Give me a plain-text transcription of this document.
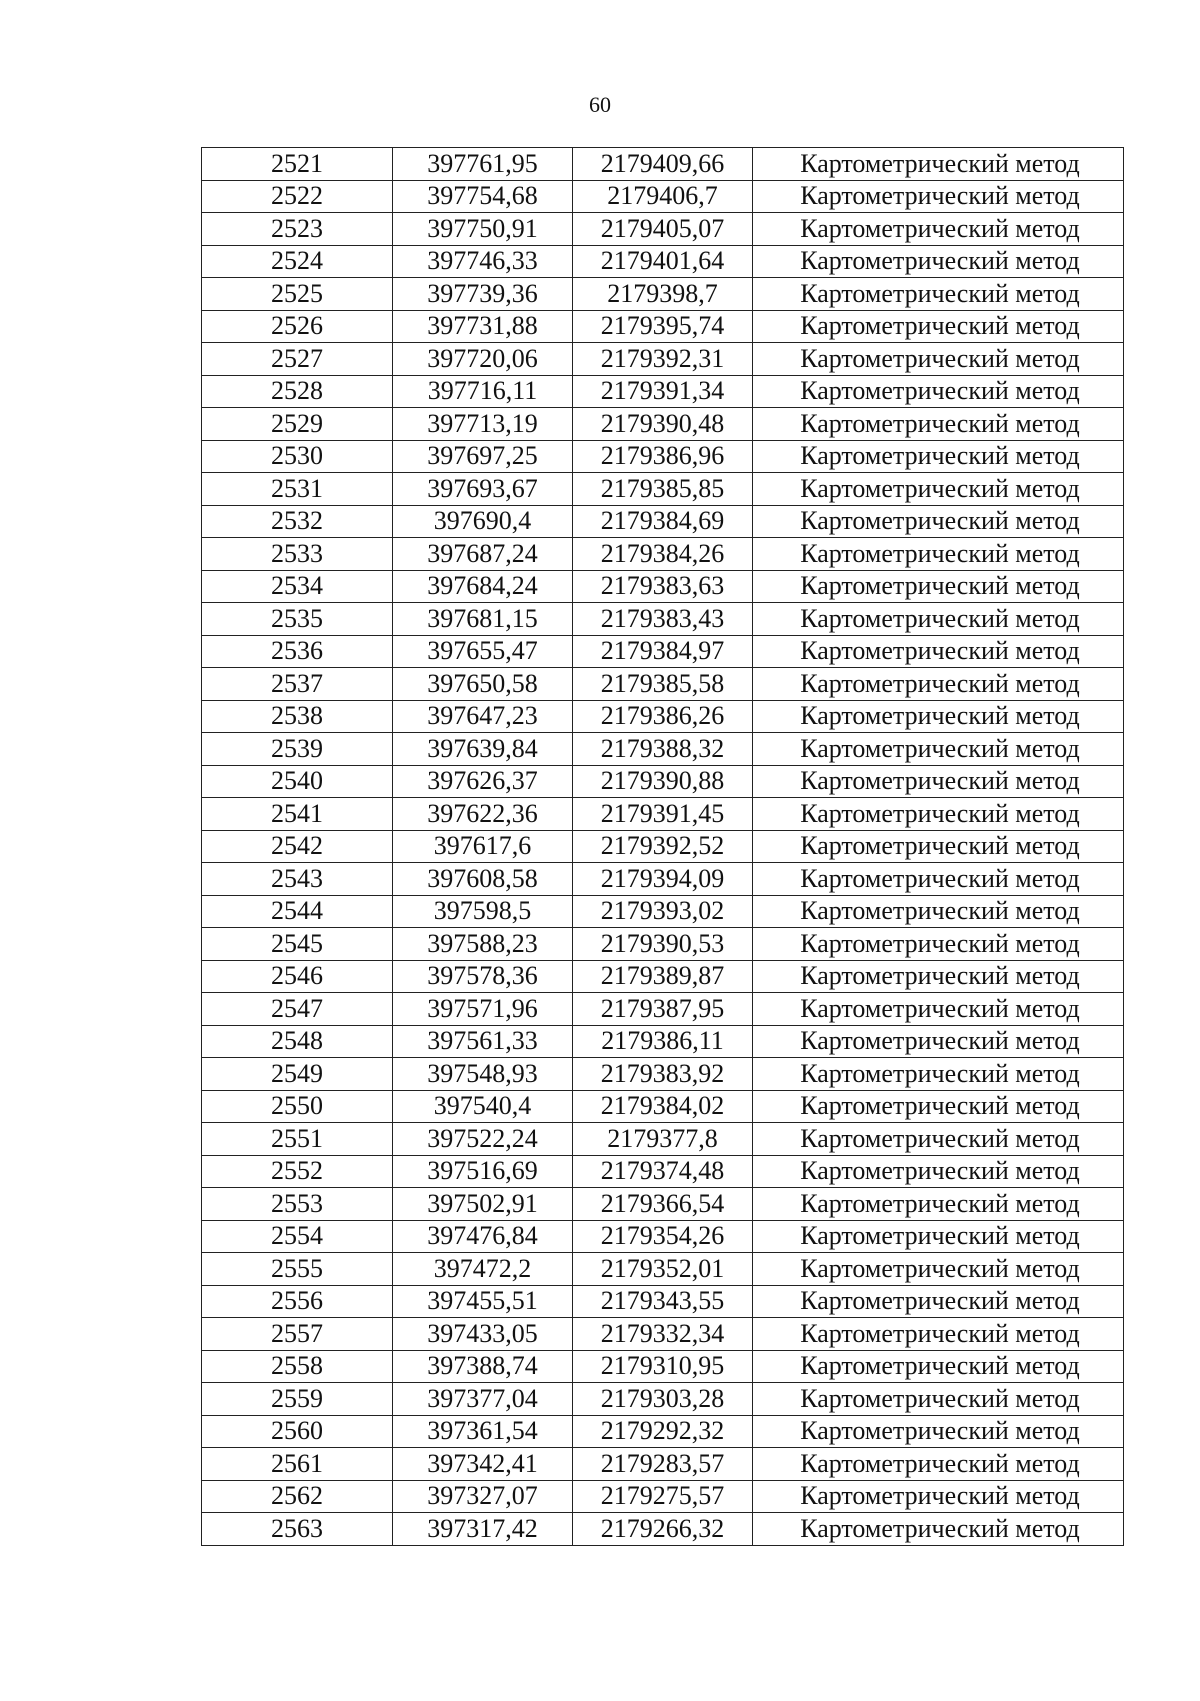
60
2521	397761,95	2179409,66	Картометрический метод
2522	397754,68	2179406,7	Картометрический метод
2523	397750,91	2179405,07	Картометрический метод
2524	397746,33	2179401,64	Картометрический метод
2525	397739,36	2179398,7	Картометрический метод
2526	397731,88	2179395,74	Картометрический метод
2527	397720,06	2179392,31	Картометрический метод
2528	397716,11	2179391,34	Картометрический метод
2529	397713,19	2179390,48	Картометрический метод
2530	397697,25	2179386,96	Картометрический метод
2531	397693,67	2179385,85	Картометрический метод
2532	397690,4	2179384,69	Картометрический метод
2533	397687,24	2179384,26	Картометрический метод
2534	397684,24	2179383,63	Картометрический метод
2535	397681,15	2179383,43	Картометрический метод
2536	397655,47	2179384,97	Картометрический метод
2537	397650,58	2179385,58	Картометрический метод
2538	397647,23	2179386,26	Картометрический метод
2539	397639,84	2179388,32	Картометрический метод
2540	397626,37	2179390,88	Картометрический метод
2541	397622,36	2179391,45	Картометрический метод
2542	397617,6	2179392,52	Картометрический метод
2543	397608,58	2179394,09	Картометрический метод
2544	397598,5	2179393,02	Картометрический метод
2545	397588,23	2179390,53	Картометрический метод
2546	397578,36	2179389,87	Картометрический метод
2547	397571,96	2179387,95	Картометрический метод
2548	397561,33	2179386,11	Картометрический метод
2549	397548,93	2179383,92	Картометрический метод
2550	397540,4	2179384,02	Картометрический метод
2551	397522,24	2179377,8	Картометрический метод
2552	397516,69	2179374,48	Картометрический метод
2553	397502,91	2179366,54	Картометрический метод
2554	397476,84	2179354,26	Картометрический метод
2555	397472,2	2179352,01	Картометрический метод
2556	397455,51	2179343,55	Картометрический метод
2557	397433,05	2179332,34	Картометрический метод
2558	397388,74	2179310,95	Картометрический метод
2559	397377,04	2179303,28	Картометрический метод
2560	397361,54	2179292,32	Картометрический метод
2561	397342,41	2179283,57	Картометрический метод
2562	397327,07	2179275,57	Картометрический метод
2563	397317,42	2179266,32	Картометрический метод
